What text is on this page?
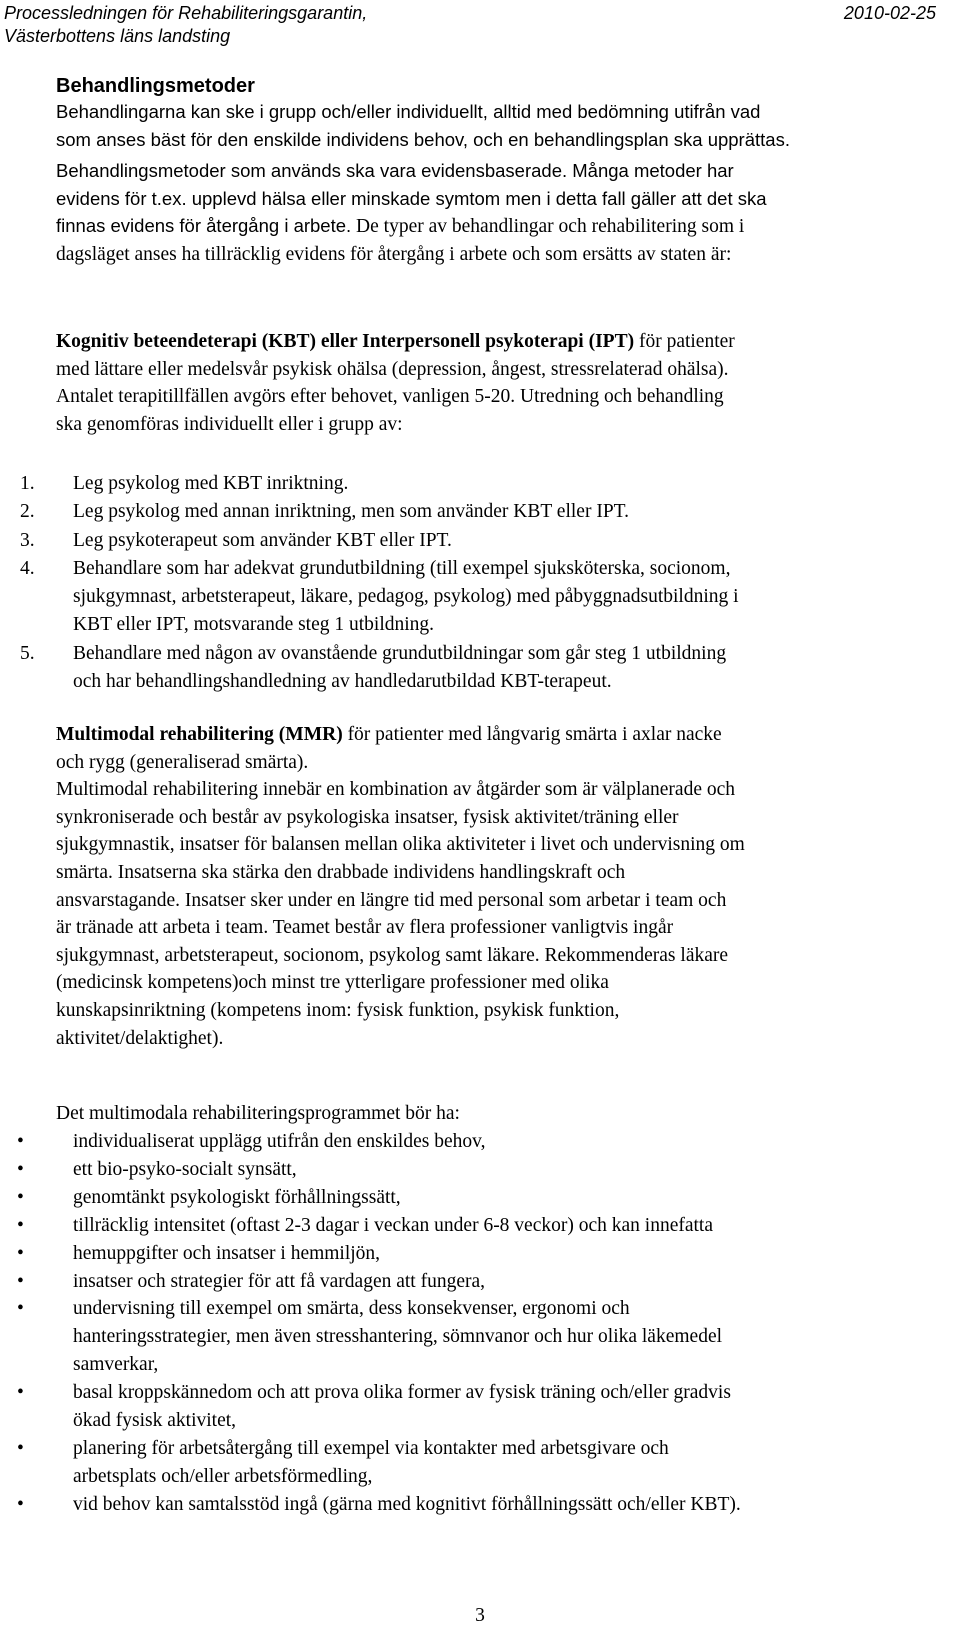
Processledningen för Rehabiliteringsgarantin,
Västerbottens läns landsting
2010-02-25
Behandlingsmetoder
Behandlingarna kan ske i grupp och/eller individuellt, alltid med bedömning utifrån vad
som anses bäst för den enskilde individens behov, och en behandlingsplan ska upprättas.
Behandlingsmetoder som används ska vara evidensbaserade. Många metoder har
evidens för t.ex. upplevd hälsa eller minskade symtom men i detta fall gäller att det ska
finnas evidens för återgång i arbete. De typer av behandlingar och rehabilitering som i
dagsläget anses ha tillräcklig evidens för återgång i arbete och som ersätts av staten är:
Kognitiv beteendeterapi (KBT) eller Interpersonell psykoterapi (IPT) för patienter
med lättare eller medelsvår psykisk ohälsa (depression, ångest, stressrelaterad ohälsa).
Antalet terapitillfällen avgörs efter behovet, vanligen 5-20. Utredning och behandling
ska genomföras individuellt eller i grupp av:
1. Leg psykolog med KBT inriktning.
2. Leg psykolog med annan inriktning, men som använder KBT eller IPT.
3. Leg psykoterapeut som använder KBT eller IPT.
4. Behandlare som har adekvat grundutbildning (till exempel sjuksköterska, socionom,
sjukgymnast, arbetsterapeut, läkare, pedagog, psykolog) med påbyggnadsutbildning i
KBT eller IPT, motsvarande steg 1 utbildning.
5. Behandlare med någon av ovanstående grundutbildningar som går steg 1 utbildning
och har behandlingshandledning av handledarutbildad KBT-terapeut.
Multimodal rehabilitering (MMR) för patienter med långvarig smärta i axlar nacke
och rygg (generaliserad smärta).
Multimodal rehabilitering innebär en kombination av åtgärder som är välplanerade och
synkroniserade och består av psykologiska insatser, fysisk aktivitet/träning eller
sjukgymnastik, insatser för balansen mellan olika aktiviteter i livet och undervisning om
smärta. Insatserna ska stärka den drabbade individens handlingskraft och
ansvarstagande. Insatser sker under en längre tid med personal som arbetar i team och
är tränade att arbeta i team. Teamet består av flera professioner vanligtvis ingår
sjukgymnast, arbetsterapeut, socionom, psykolog samt läkare. Rekommenderas läkare
(medicinsk kompetens)och minst tre ytterligare professioner med olika
kunskapsinriktning (kompetens inom: fysisk funktion, psykisk funktion,
aktivitet/delaktighet).
Det multimodala rehabiliteringsprogrammet bör ha:
•	individualiserat upplägg utifrån den enskildes behov,
•	ett bio-psyko-socialt synsätt,
•	genomtänkt psykologiskt förhållningssätt,
•	tillräcklig intensitet (oftast 2-3 dagar i veckan under 6-8 veckor) och kan innefatta
•	hemuppgifter och insatser i hemmiljön,
•	insatser och strategier för att få vardagen att fungera,
•	undervisning till exempel om smärta, dess konsekvenser, ergonomi och
hanteringsstrategier, men även stresshantering, sömnvanor och hur olika läkemedel
samverkar,
•	basal kroppskännedom och att prova olika former av fysisk träning och/eller gradvis
ökad fysisk aktivitet,
•	planering för arbetsåtergång till exempel via kontakter med arbetsgivare och
arbetsplats och/eller arbetsförmedling,
•	vid behov kan samtalsstöd ingå (gärna med kognitivt förhållningssätt och/eller KBT).
3
